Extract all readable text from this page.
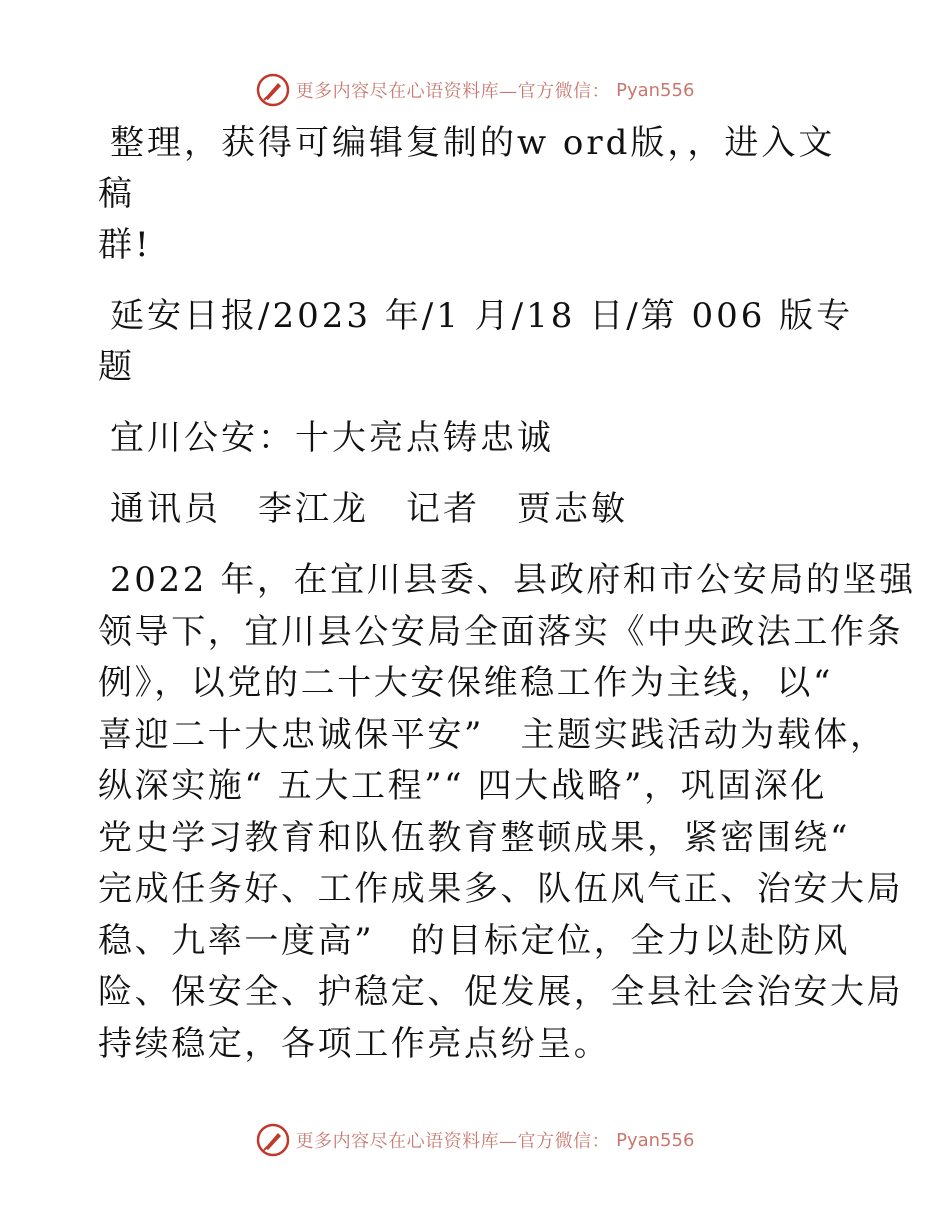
更多内容尽在心语资料库—官方微信： Pyan556

整理，获得可编辑复制的w ord版，，进入文稿

群!

延安日报/2023 年/1 月/18 日/第 006 版专题

宜川公安：十大亮点铸忠诚

通讯员　李江龙　记者　贾志敏

2022 年，在宜川县委、县政府和市公安局的坚强
领导下，宜川县公安局全面落实《中央政法工作条
例》，以党的二十大安保维稳工作为主线，以“
喜迎二十大忠诚保平安”　主题实践活动为载体，
纵深实施“ 五大工程”“ 四大战略”，巩固深化
党史学习教育和队伍教育整顿成果，紧密围绕“
完成任务好、工作成果多、队伍风气正、治安大局
稳、九率一度高”　的目标定位，全力以赴防风
险、保安全、护稳定、促发展，全县社会治安大局
持续稳定，各项工作亮点纷呈。
更多内容尽在心语资料库—官方微信： Pyan556
